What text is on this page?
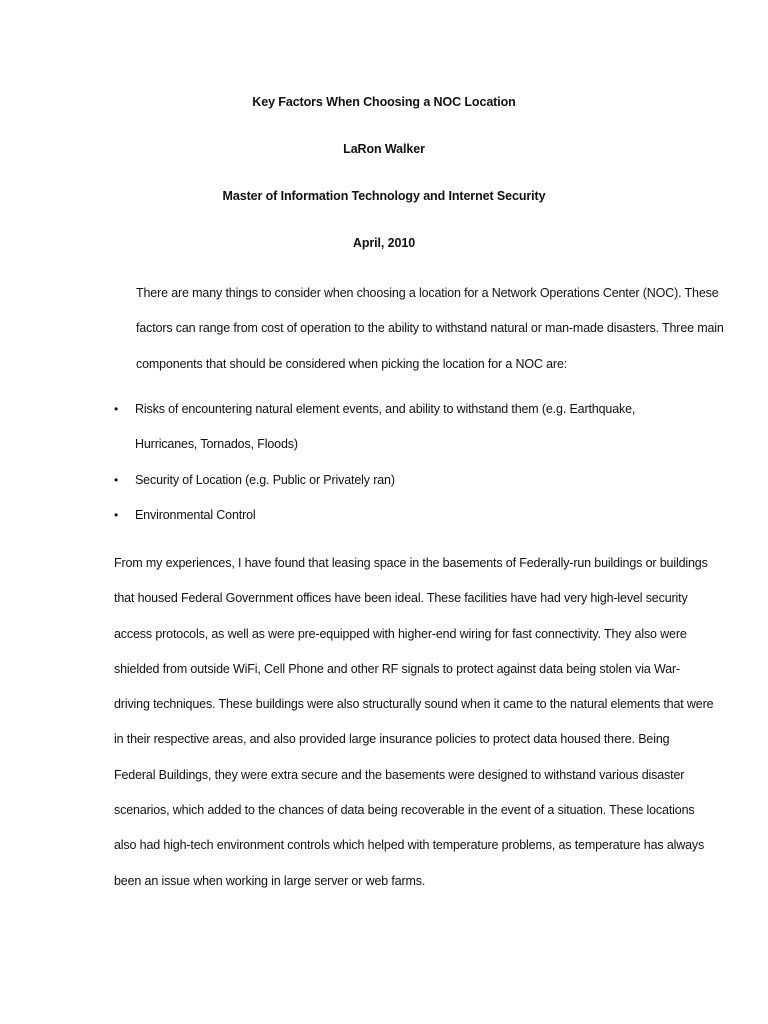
Key Factors When Choosing a NOC Location
LaRon Walker
Master of Information Technology and Internet Security
April, 2010
There are many things to consider when choosing a location for a Network Operations Center (NOC). These factors can range from cost of operation to the ability to withstand natural or man-made disasters. Three main components that should be considered when picking the location for a NOC are:
• Risks of encountering natural element events, and ability to withstand them (e.g. Earthquake, Hurricanes, Tornados, Floods)
• Security of Location (e.g. Public or Privately ran)
• Environmental Control
From my experiences, I have found that leasing space in the basements of Federally-run buildings or buildings that housed Federal Government offices have been ideal. These facilities have had very high-level security access protocols, as well as were pre-equipped with higher-end wiring for fast connectivity. They also were shielded from outside WiFi, Cell Phone and other RF signals to protect against data being stolen via War-driving techniques. These buildings were also structurally sound when it came to the natural elements that were in their respective areas, and also provided large insurance policies to protect data housed there. Being Federal Buildings, they were extra secure and the basements were designed to withstand various disaster scenarios, which added to the chances of data being recoverable in the event of a situation. These locations also had high-tech environment controls which helped with temperature problems, as temperature has always been an issue when working in large server or web farms.
